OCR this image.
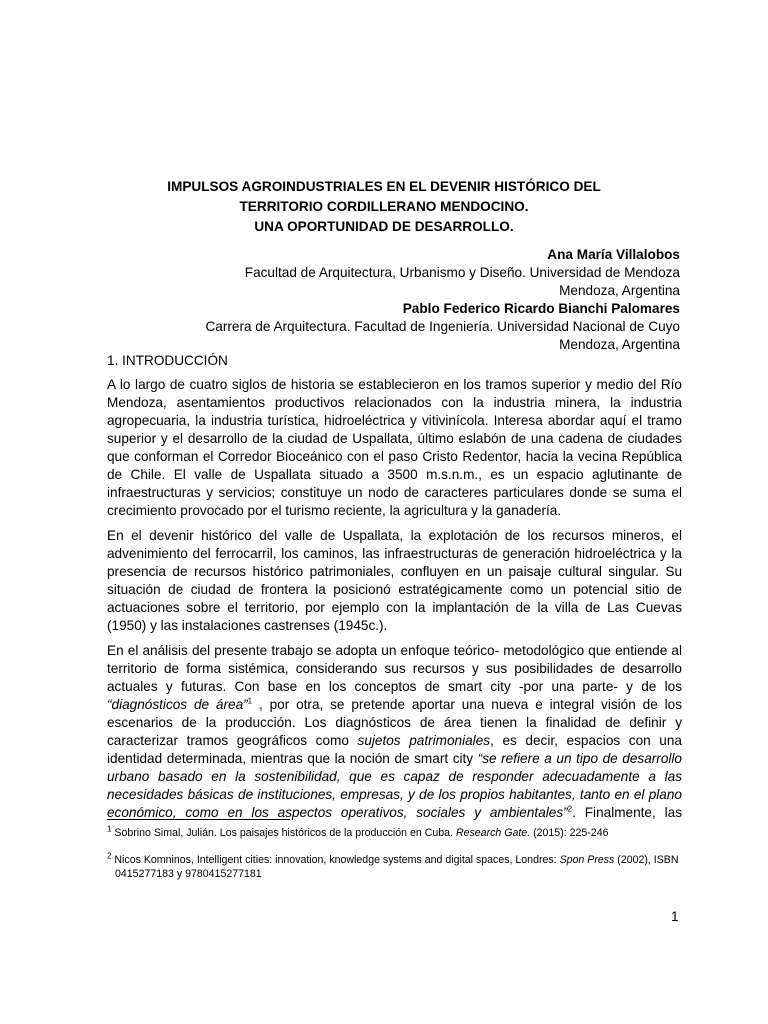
IMPULSOS AGROINDUSTRIALES EN EL DEVENIR HISTÓRICO DEL
TERRITORIO CORDILLERANO MENDOCINO.
UNA OPORTUNIDAD DE DESARROLLO.
Ana María Villalobos
Facultad de Arquitectura, Urbanismo y Diseño. Universidad de Mendoza
Mendoza, Argentina
Pablo Federico Ricardo Bianchi Palomares
Carrera de Arquitectura. Facultad de Ingeniería. Universidad Nacional de Cuyo
Mendoza, Argentina
1. INTRODUCCIÓN

A lo largo de cuatro siglos de historia se establecieron en los tramos superior y medio del Río Mendoza, asentamientos productivos relacionados con la industria minera, la industria agropecuaria, la industria turística, hidroeléctrica y vitivinícola. Interesa abordar aquí el tramo superior y el desarrollo de la ciudad de Uspallata, último eslabón de una cadena de ciudades que conforman el Corredor Bioceánico con el paso Cristo Redentor, hacia la vecina República de Chile. El valle de Uspallata situado a 3500 m.s.n.m., es un espacio aglutinante de infraestructuras y servicios; constituye un nodo de caracteres particulares donde se suma el crecimiento provocado por el turismo reciente, la agricultura y la ganadería.

En el devenir histórico del valle de Uspallata, la explotación de los recursos mineros, el advenimiento del ferrocarril, los caminos, las infraestructuras de generación hidroeléctrica y la presencia de recursos histórico patrimoniales, confluyen en un paisaje cultural singular. Su situación de ciudad de frontera la posicionó estratégicamente como un potencial sitio de actuaciones sobre el territorio, por ejemplo con la implantación de la villa de Las Cuevas (1950) y las instalaciones castrenses (1945c.).

En el análisis del presente trabajo se adopta un enfoque teórico- metodológico que entiende al territorio de forma sistémica, considerando sus recursos y sus posibilidades de desarrollo actuales y futuras. Con base en los conceptos de smart city -por una parte- y de los “diagnósticos de área”$^1$ , por otra, se pretende aportar una nueva e integral visión de los escenarios de la producción. Los diagnósticos de área tienen la finalidad de definir y caracterizar tramos geográficos como sujetos patrimoniales, es decir, espacios con una identidad determinada, mientras que la noción de smart city “se refiere a un tipo de desarrollo urbano basado en la sostenibilidad, que es capaz de responder adecuadamente a las necesidades básicas de instituciones, empresas, y de los propios habitantes, tanto en el plano económico, como en los aspectos operativos, sociales y ambientales”$^2$. Finalmente, las

$^1$ Sobrino Simal, Julián. Los paisajes históricos de la producción en Cuba. Research Gate. (2015): 225-246
$^2$ Nicos Komninos, Intelligent cities: innovation, knowledge systems and digital spaces, Londres: Spon Press (2002), ISBN
0415277183 y 9780415277181
1
